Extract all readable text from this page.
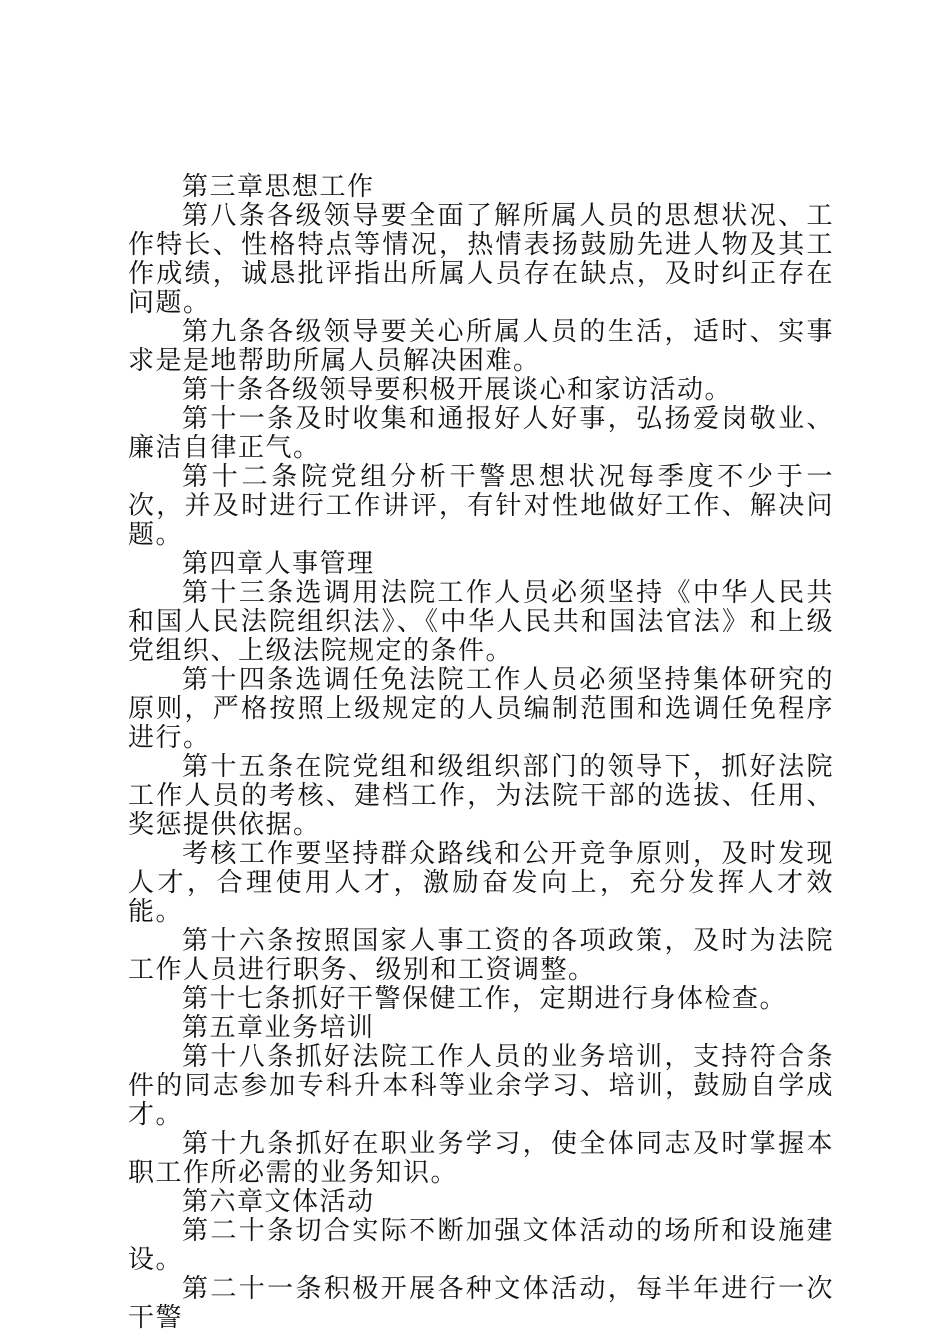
第三章思想工作

第八条各级领导要全面了解所属人员的思想状况、工作特长、性格特点等情况，热情表扬鼓励先进人物及其工作成绩，诚恳批评指出所属人员存在缺点，及时纠正存在问题。

第九条各级领导要关心所属人员的生活，适时、实事求是是地帮助所属人员解决困难。

第十条各级领导要积极开展谈心和家访活动。

第十一条及时收集和通报好人好事，弘扬爱岗敬业、廉洁自律正气。

第十二条院党组分析干警思想状况每季度不少于一次，并及时进行工作讲评，有针对性地做好工作、解决问题。

第四章人事管理

第十三条选调用法院工作人员必须坚持《中华人民共和国人民法院组织法》、《中华人民共和国法官法》和上级党组织、上级法院规定的条件。

第十四条选调任免法院工作人员必须坚持集体研究的原则，严格按照上级规定的人员编制范围和选调任免程序进行。

第十五条在院党组和级组织部门的领导下，抓好法院工作人员的考核、建档工作，为法院干部的选拔、任用、奖惩提供依据。

考核工作要坚持群众路线和公开竞争原则，及时发现人才，合理使用人才，激励奋发向上，充分发挥人才效能。

第十六条按照国家人事工资的各项政策，及时为法院工作人员进行职务、级别和工资调整。

第十七条抓好干警保健工作，定期进行身体检查。

第五章业务培训

第十八条抓好法院工作人员的业务培训，支持符合条件的同志参加专科升本科等业余学习、培训，鼓励自学成才。

第十九条抓好在职业务学习，使全体同志及时掌握本职工作所必需的业务知识。

第六章文体活动

第二十条切合实际不断加强文体活动的场所和设施建设。

第二十一条积极开展各种文体活动，每半年进行一次干警
